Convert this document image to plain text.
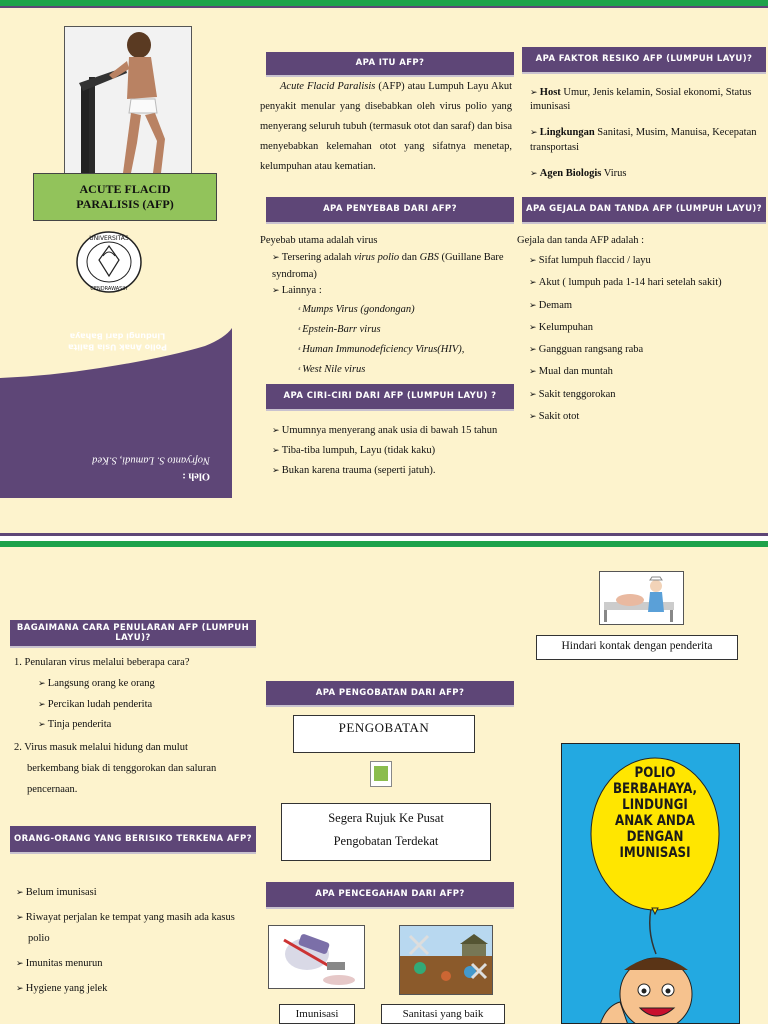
ACUTE FLACID PARALISIS (AFP)
UNIVERSITAS
CENDRAWASIH
Polio Anak Usia Balita
Lindungi dari Bahaya
Oleh :
Nofryanto S. Lamudi, S.Ked
APA ITU AFP?
Acute Flacid Paralisis (AFP) atau Lumpuh Layu Akut penyakit menular yang disebabkan oleh virus polio yang menyerang seluruh tubuh (termasuk otot dan saraf) dan bisa menyebabkan kelemahan otot yang sifatnya menetap, kelumpuhan atau kematian.
APA FAKTOR RESIKO AFP (LUMPUH LAYU)?
➢ Host Umur, Jenis kelamin, Sosial ekonomi, Status imunisasi
➢ Lingkungan Sanitasi, Musim, Manuisa, Kecepatan transportasi
➢ Agen Biologis Virus
APA PENYEBAB DARI AFP?
Peyebab utama adalah virus
➢ Tersering adalah virus polio dan GBS (Guillane Bare syndroma)
➢ Lainnya :
⁴ Mumps Virus (gondongan)
⁴ Epstein-Barr virus
⁴ Human Immunodeficiency Virus(HIV),
⁴ West Nile virus
APA GEJALA DAN TANDA AFP (LUMPUH LAYU)?
Gejala dan tanda AFP adalah :
➢ Sifat lumpuh flaccid / layu
➢ Akut ( lumpuh pada 1-14 hari setelah sakit)
➢ Demam
➢ Kelumpuhan
➢ Gangguan rangsang raba
➢ Mual dan muntah
➢ Sakit tenggorokan
➢ Sakit otot
APA CIRI-CIRI DARI AFP (LUMPUH LAYU) ?
➢ Umumnya menyerang anak usia di bawah 15 tahun
➢ Tiba-tiba lumpuh, Layu (tidak kaku)
➢ Bukan karena trauma (seperti jatuh).
BAGAIMANA CARA PENULARAN AFP (LUMPUH LAYU)?
1. Penularan virus melalui beberapa cara?
➢ Langsung orang ke orang
➢ Percikan ludah penderita
➢ Tinja penderita
2. Virus masuk melalui hidung dan mulut
berkembang biak di tenggorokan dan saluran
pencernaan.
ORANG-ORANG YANG BERISIKO TERKENA AFP?
➢ Belum imunisasi
➢ Riwayat perjalan ke tempat yang masih ada kasus polio
➢ Imunitas menurun
➢ Hygiene yang jelek
APA PENGOBATAN DARI AFP?
PENGOBATAN
Segera Rujuk Ke Pusat
Pengobatan Terdekat
APA PENCEGAHAN DARI AFP?
Imunisasi	Sanitasi yang baik
Hindari kontak dengan penderita
POLIO
BERBAHAYA,
LINDUNGI
ANAK ANDA
DENGAN
IMUNISASI
